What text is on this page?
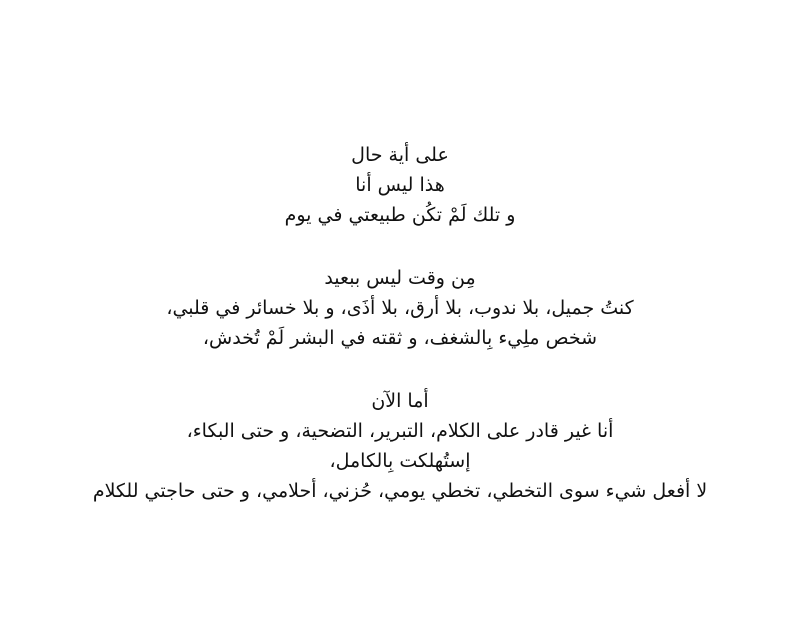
على أية حال
هذا ليس أنا
و تلك لَمْ تكُن طبيعتي في يوم
مِن وقت ليس ببعيد
كنتُ جميل، بلا ندوب، بلا أرق، بلا أذَى، و بلا خسائر في قلبي،
شخص ملِيء بِالشغف، و ثقته في البشر لَمْ تُخدش،
أما الآن
أنا غير قادر على الكلام، التبرير، التضحية، و حتى البكاء،
إستُهلكت بِالكامل،
لا أفعل شيء سوى التخطي، تخطي يومي، حُزني، أحلامي، و حتى حاجتي للكلام
